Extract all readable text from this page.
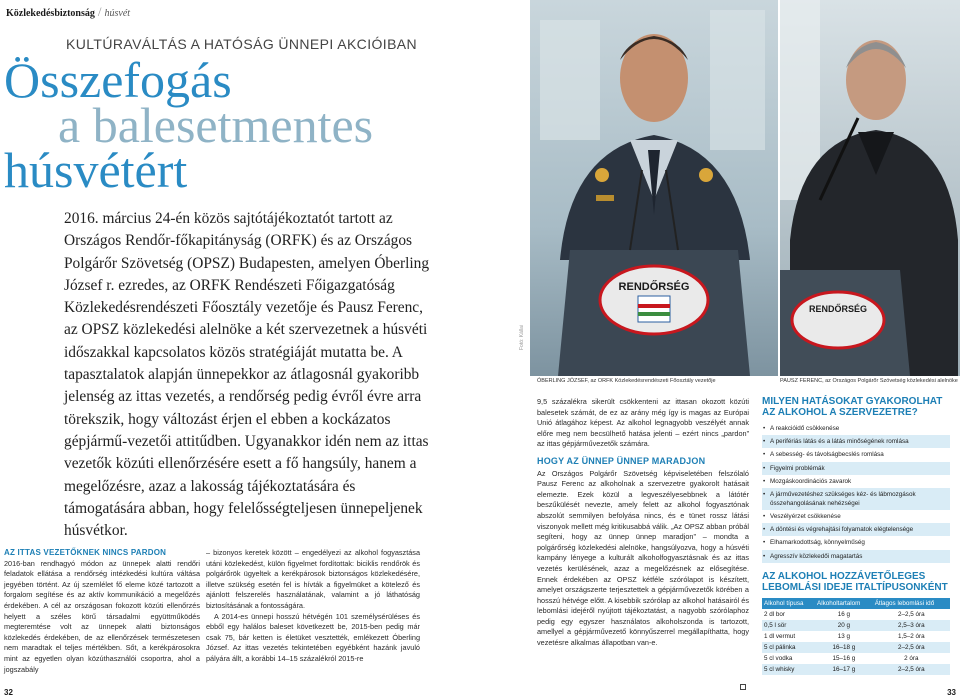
Közlekedésbiztonság / húsvét
KULTÚRAVÁLTÁS A HATÓSÁG ÜNNEPI AKCIÓIBAN
Összefogás
a balesetmentes
húsvétért
2016. március 24-én közös sajtótájékoztatót tartott az Országos Rendőr-főkapitányság (ORFK) és az Országos Polgárőr Szövetség (OPSZ) Budapesten, amelyen Óberling József r. ezredes, az ORFK Rendészeti Főigazgatóság Közlekedésrendészeti Főosztály vezetője és Pausz Ferenc, az OPSZ közlekedési alelnöke a két szervezetnek a húsvéti időszakkal kapcsolatos közös stratégiáját mutatta be. A tapasztalatok alapján ünnepekkor az átlagosnál gyakoribb jelenség az ittas vezetés, a rendőrség pedig évről évre arra törekszik, hogy változást érjen el ebben a kockázatos gépjármű-vezetői attitűdben. Ugyanakkor idén nem az ittas vezetők közúti ellenőrzésére esett a fő hangsúly, hanem a megelőzésre, azaz a lakosság tájékoztatására és támogatására abban, hogy felelősségteljesen ünnepeljenek húsvétkor.
AZ ITTAS VEZETŐKNEK NINCS PARDON

2016-ban rendhagyó módon az ünnepek alatti rendőri feladatok ellátása a rendőrség intézkedési kultúra váltása jegyében történt. Az új szemlélet fő eleme közé tartozott a forgalom segítése és az aktív kommunikáció a megelőzés érdekében. A cél az országosan fokozott közúti ellenőrzés helyett a széles körű társadalmi együttműködés megteremtése volt az ünnepek alatti biztonságos közlekedés érdekében, de az ellenőrzések természetesen nem maradtak el teljes mértékben. Sőt, a kerékpárosokra mint az egyetlen olyan közúthasználói csoportra, ahol a jogszabály

– bizonyos keretek között – engedélyezi az alkohol fogyasztása utáni közlekedést, külön figyelmet fordítottak: biciklis rendőrök és polgárőrök ügyeltek a kerékpárosok biztonságos közlekedésére, illetve szükség esetén fel is hívták a figyelmüket a kötelező és ajánlott felszerelés használatának, valamint a jó láthatóság biztosításának a fontosságára.

A 2014-es ünnepi hosszú hétvégén 101 személysérüléses és ebből egy halálos baleset következett be, 2015-ben pedig már csak 75, bár ketten is életüket vesztették, emlékezett Óberling József. Az ittas vezetés tekintetében egyébként hazánk javuló pályára állt, a korábbi 14–15 százalékról 2015-re

RENDŐRSÉG
Fotó: Kállai
RENDŐRSÉG
ÓBERLING JÓZSEF, az ORFK Közlekedésrendészeti Főosztály vezetője	PAUSZ FERENC, az Országos Polgárőr Szövetség közlekedési alelnöke

9,5 százalékra sikerült csökkenteni az ittasan okozott közúti balesetek számát, de ez az arány még így is magas az Európai Unió átlagához képest. Az alkohol legnagyobb veszélyét annak előre meg nem becsülhető hatása jelenti – ezért nincs „pardon” az ittas gépjárművezetők számára.

HOGY AZ ÜNNEP ÜNNEP MARADJON

Az Országos Polgárőr Szövetség képviseletében felszólaló Pausz Ferenc az alkoholnak a szervezetre gyakorolt hatásait elemezte. Ezek közül a legveszélyesebbnek a látótér beszűkülését nevezte, amely felett az alkohol fogyasztónak abszolút semmilyen befolyása nincs, és e tünet rossz látási viszonyok mellett még kritikusabbá válik. „Az OPSZ abban próbál segíteni, hogy az ünnep ünnep maradjon” – mondta a polgárőrség közlekedési alelnöke, hangsúlyozva, hogy a húsvéti kampány lényege a kulturált alkoholfogyasztásnak és az ittas vezetés kerülésének, azaz a megelőzésnek az elősegítése. Ennek érdekében az OPSZ kétféle szórólapot is készített, amelyet országszerte terjesztettek a gépjárművezetők körében a hosszú hétvége előtt. A kisebbik szórólap az alkohol hatásairól és lebomlási idejéről nyújtott tájékoztatást, a nagyobb szórólaphoz pedig egy egyszer használatos alkoholszonda is tartozott, amellyel a gépjárművezető könnyűszerrel megállapíthatta, hogy vezetésre alkalmas állapotban van-e.

MILYEN HATÁSOKAT GYAKOROLHAT AZ ALKOHOL A SZERVEZETRE?
• A reakcióidő csökkenése
• A perifériás látás és a látás minőségének romlása
• A sebesség- és távolságbecslés romlása
• Figyelmi problémák
• Mozgáskoordinációs zavarok
• A járművezetéshez szükséges kéz- és lábmozgások összehangolásának nehézségei
• Veszélyérzet csökkenése
• A döntési és végrehajtási folyamatok elégtelensége
• Elhamarkodottság, könnyelműség
• Agresszív közlekedői magatartás
AZ ALKOHOL HOZZÁVETŐLEGES LEBOMLÁSI IDEJE ITALTÍPUSONKÉNT
Alkohol típusa	Alkoholtartalom	Átlagos lebomlási idő
2 dl bor	16 g	2–2,5 óra
0,5 l sör	20 g	2,5–3 óra
1 dl vermut	13 g	1,5–2 óra
5 cl pálinka	16–18 g	2–2,5 óra
5 cl vodka	15–16 g	2 óra
5 cl whisky	16–17 g	2–2,5 óra
32	33
